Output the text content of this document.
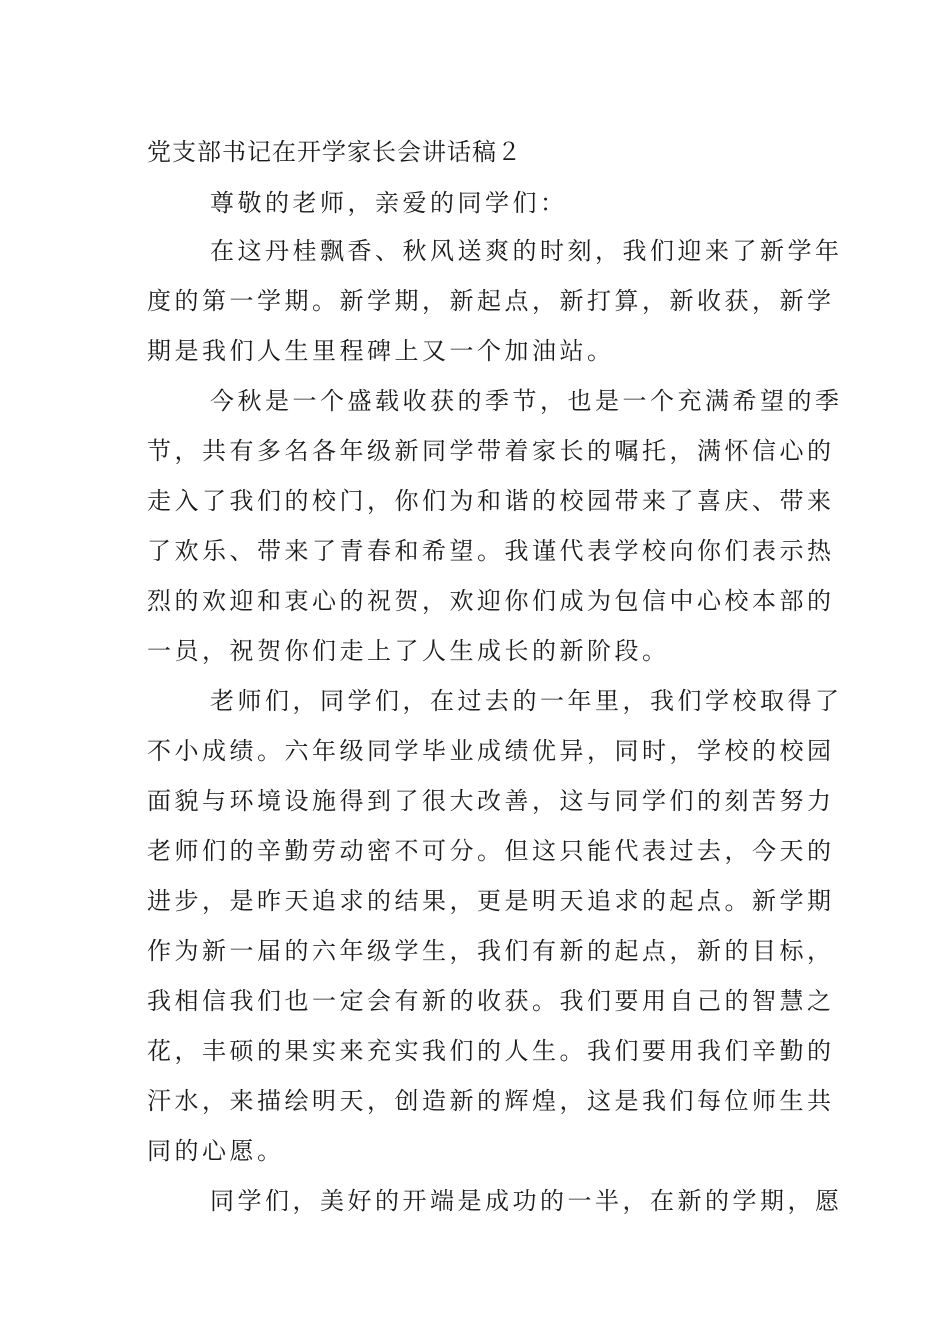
党支部书记在开学家长会讲话稿２

尊敬的老师，亲爱的同学们：

在这丹桂飘香、秋风送爽的时刻，我们迎来了新学年

度的第一学期。新学期，新起点，新打算，新收获，新学

期是我们人生里程碑上又一个加油站。

今秋是一个盛载收获的季节，也是一个充满希望的季

节，共有多名各年级新同学带着家长的嘱托，满怀信心的

走入了我们的校门，你们为和谐的校园带来了喜庆、带来

了欢乐、带来了青春和希望。我谨代表学校向你们表示热

烈的欢迎和衷心的祝贺，欢迎你们成为包信中心校本部的

一员，祝贺你们走上了人生成长的新阶段。

老师们，同学们，在过去的一年里，我们学校取得了

不小成绩。六年级同学毕业成绩优异，同时，学校的校园

面貌与环境设施得到了很大改善，这与同学们的刻苦努力

老师们的辛勤劳动密不可分。但这只能代表过去，今天的

进步，是昨天追求的结果，更是明天追求的起点。新学期

作为新一届的六年级学生，我们有新的起点，新的目标，

我相信我们也一定会有新的收获。我们要用自己的智慧之

花，丰硕的果实来充实我们的人生。我们要用我们辛勤的

汗水，来描绘明天，创造新的辉煌，这是我们每位师生共

同的心愿。

同学们，美好的开端是成功的一半，在新的学期，愿
